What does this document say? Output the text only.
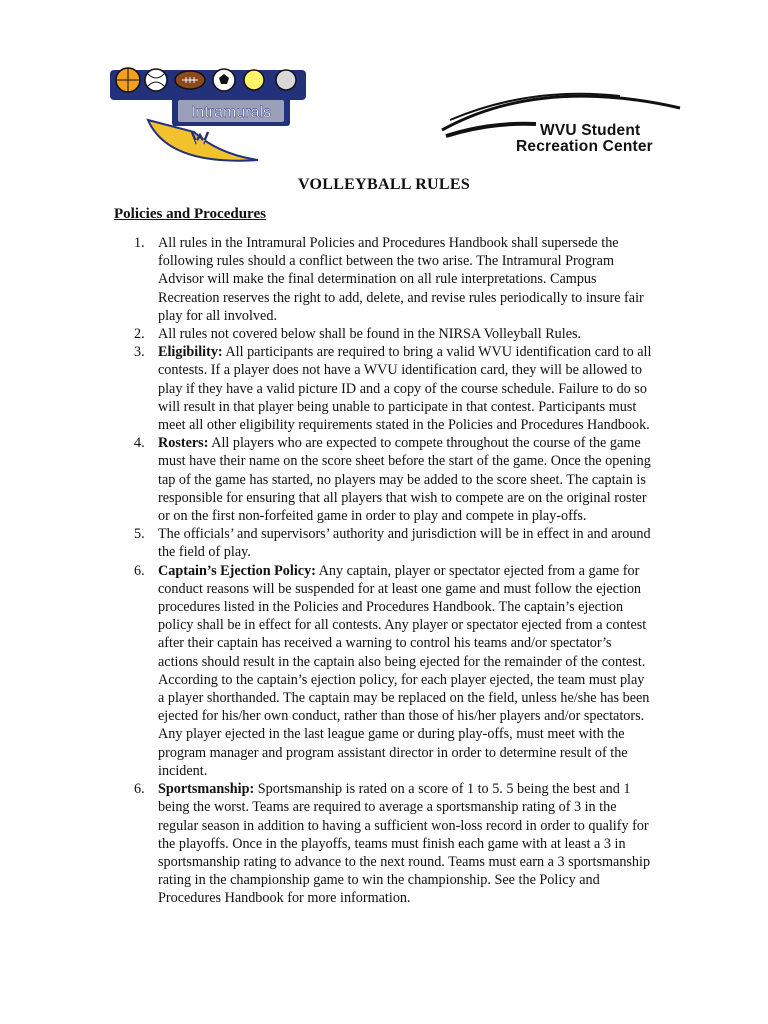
Intramurals
WVU Student
Recreation Center
VOLLEYBALL RULES
Policies and Procedures
1. All rules in the Intramural Policies and Procedures Handbook shall supersede the following rules should a conflict between the two arise. The Intramural Program Advisor will make the final determination on all rule interpretations. Campus Recreation reserves the right to add, delete, and revise rules periodically to insure fair play for all involved.
2. All rules not covered below shall be found in the NIRSA Volleyball Rules.
3. Eligibility: All participants are required to bring a valid WVU identification card to all contests. If a player does not have a WVU identification card, they will be allowed to play if they have a valid picture ID and a copy of the course schedule. Failure to do so will result in that player being unable to participate in that contest. Participants must meet all other eligibility requirements stated in the Policies and Procedures Handbook.
4. Rosters: All players who are expected to compete throughout the course of the game must have their name on the score sheet before the start of the game. Once the opening tap of the game has started, no players may be added to the score sheet. The captain is responsible for ensuring that all players that wish to compete are on the original roster or on the first non-forfeited game in order to play and compete in play-offs.
5. The officials’ and supervisors’ authority and jurisdiction will be in effect in and around the field of play.
6. Captain’s Ejection Policy: Any captain, player or spectator ejected from a game for conduct reasons will be suspended for at least one game and must follow the ejection procedures listed in the Policies and Procedures Handbook. The captain’s ejection policy shall be in effect for all contests. Any player or spectator ejected from a contest after their captain has received a warning to control his teams and/or spectator’s actions should result in the captain also being ejected for the remainder of the contest. According to the captain’s ejection policy, for each player ejected, the team must play a player shorthanded. The captain may be replaced on the field, unless he/she has been ejected for his/her own conduct, rather than those of his/her players and/or spectators. Any player ejected in the last league game or during play-offs, must meet with the program manager and program assistant director in order to determine result of the incident.
6. Sportsmanship: Sportsmanship is rated on a score of 1 to 5. 5 being the best and 1 being the worst. Teams are required to average a sportsmanship rating of 3 in the regular season in addition to having a sufficient won-loss record in order to qualify for the playoffs. Once in the playoffs, teams must finish each game with at least a 3 in sportsmanship rating to advance to the next round. Teams must earn a 3 sportsmanship rating in the championship game to win the championship. See the Policy and Procedures Handbook for more information.
